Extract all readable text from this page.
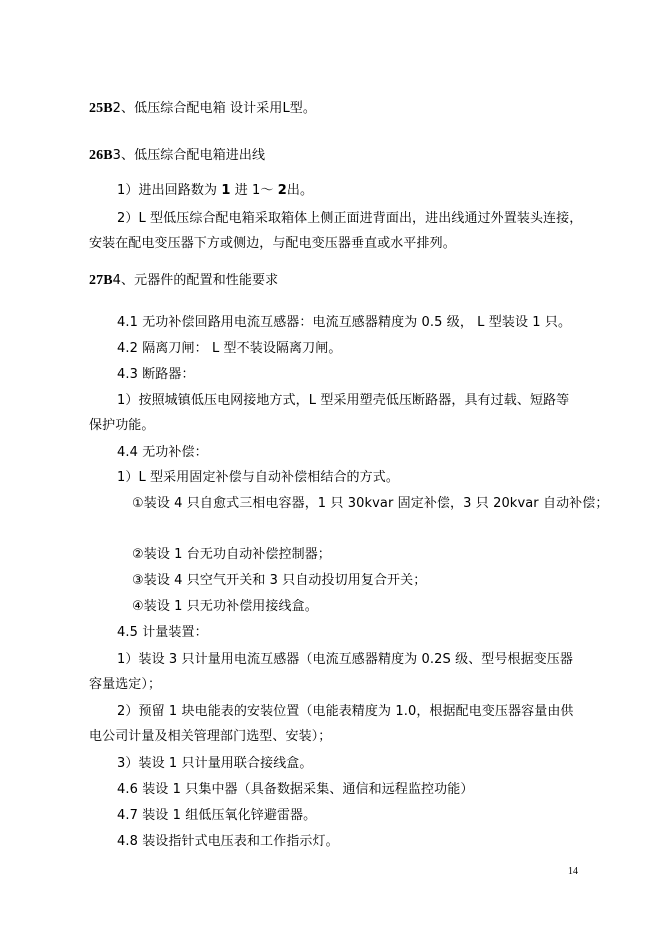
25B2、低压综合配电箱 设计采用L型。

26B3、低压综合配电箱进出线

1）进出回路数为 1 进 1～ 2出。

2）L 型低压综合配电箱采取箱体上侧正面进背面出，进出线通过外置装头连接，

安装在配电变压器下方或侧边，与配电变压器垂直或水平排列。

27B4、元器件的配置和性能要求

4.1 无功补偿回路用电流互感器：电流互感器精度为 0.5 级， L 型装设 1 只。

4.2 隔离刀闸： L 型不装设隔离刀闸。

4.3 断路器：

1）按照城镇低压电网接地方式，L 型采用塑壳低压断路器，具有过载、短路等

保护功能。

4.4 无功补偿：

1）L 型采用固定补偿与自动补偿相结合的方式。

①装设 4 只自愈式三相电容器，1 只 30kvar 固定补偿，3 只 20kvar 自动补偿；

②装设 1 台无功自动补偿控制器；

③装设 4 只空气开关和 3 只自动投切用复合开关；

④装设 1 只无功补偿用接线盒。

4.5 计量装置：

1）装设 3 只计量用电流互感器（电流互感器精度为 0.2S 级、型号根据变压器

容量选定）；

2）预留 1 块电能表的安装位置（电能表精度为 1.0，根据配电变压器容量由供

电公司计量及相关管理部门选型、安装）；

3）装设 1 只计量用联合接线盒。

4.6 装设 1 只集中器（具备数据采集、通信和远程监控功能）

4.7 装设 1 组低压氧化锌避雷器。

4.8 装设指针式电压表和工作指示灯。

14
